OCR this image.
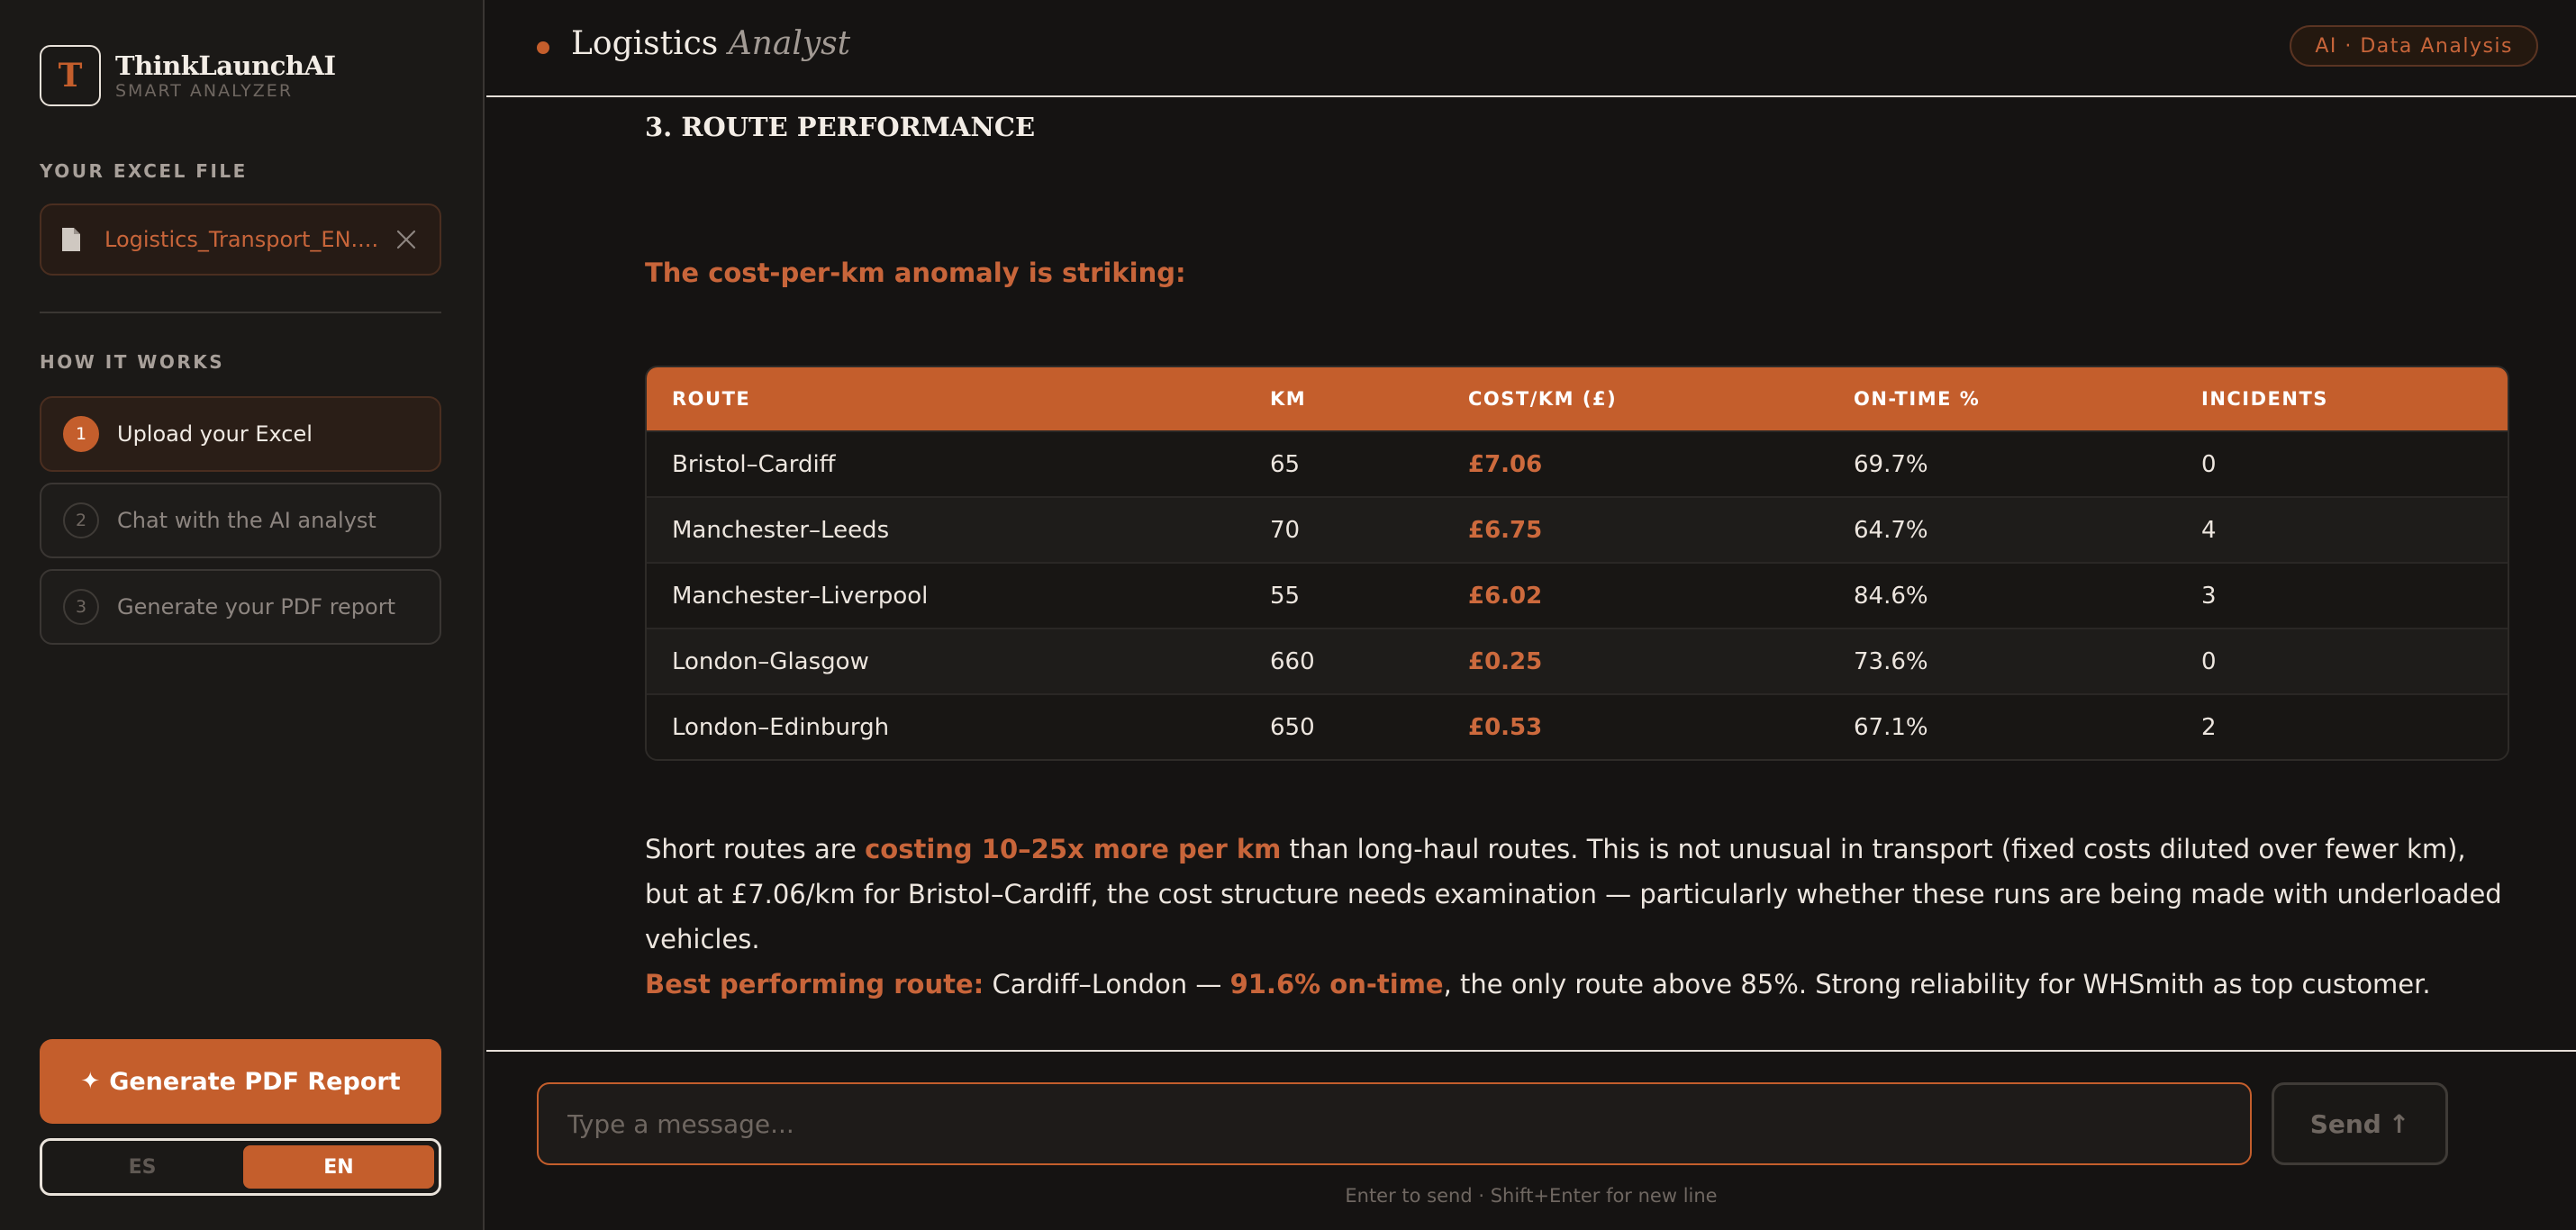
T	ThinkLaunchAI
SMART ANALYZER
YOUR EXCEL FILE
Logistics_Transport_EN....
HOW IT WORKS
1	Upload your Excel
2	Chat with the AI analyst
3	Generate your PDF report
✦ Generate PDF Report
ES	EN
Logistics Analyst	AI · Data Analysis
3. ROUTE PERFORMANCE
The cost-per-km anomaly is striking:
ROUTE	KM	COST/KM (£)	ON-TIME %	INCIDENTS
Bristol–Cardiff	65	£7.06	69.7%	0
Manchester–Leeds	70	£6.75	64.7%	4
Manchester–Liverpool	55	£6.02	84.6%	3
London–Glasgow	660	£0.25	73.6%	0
London–Edinburgh	650	£0.53	67.1%	2

Short routes are costing 10–25x more per km than long-haul routes. This is not unusual in transport (fixed costs diluted over fewer km), but at £7.06/km for Bristol–Cardiff, the cost structure needs examination — particularly whether these runs are being made with underloaded vehicles.

Best performing route: Cardiff–London — 91.6% on-time, the only route above 85%. Strong reliability for WHSmith as top customer.

Type a message...
Send ↑
Enter to send · Shift+Enter for new line
